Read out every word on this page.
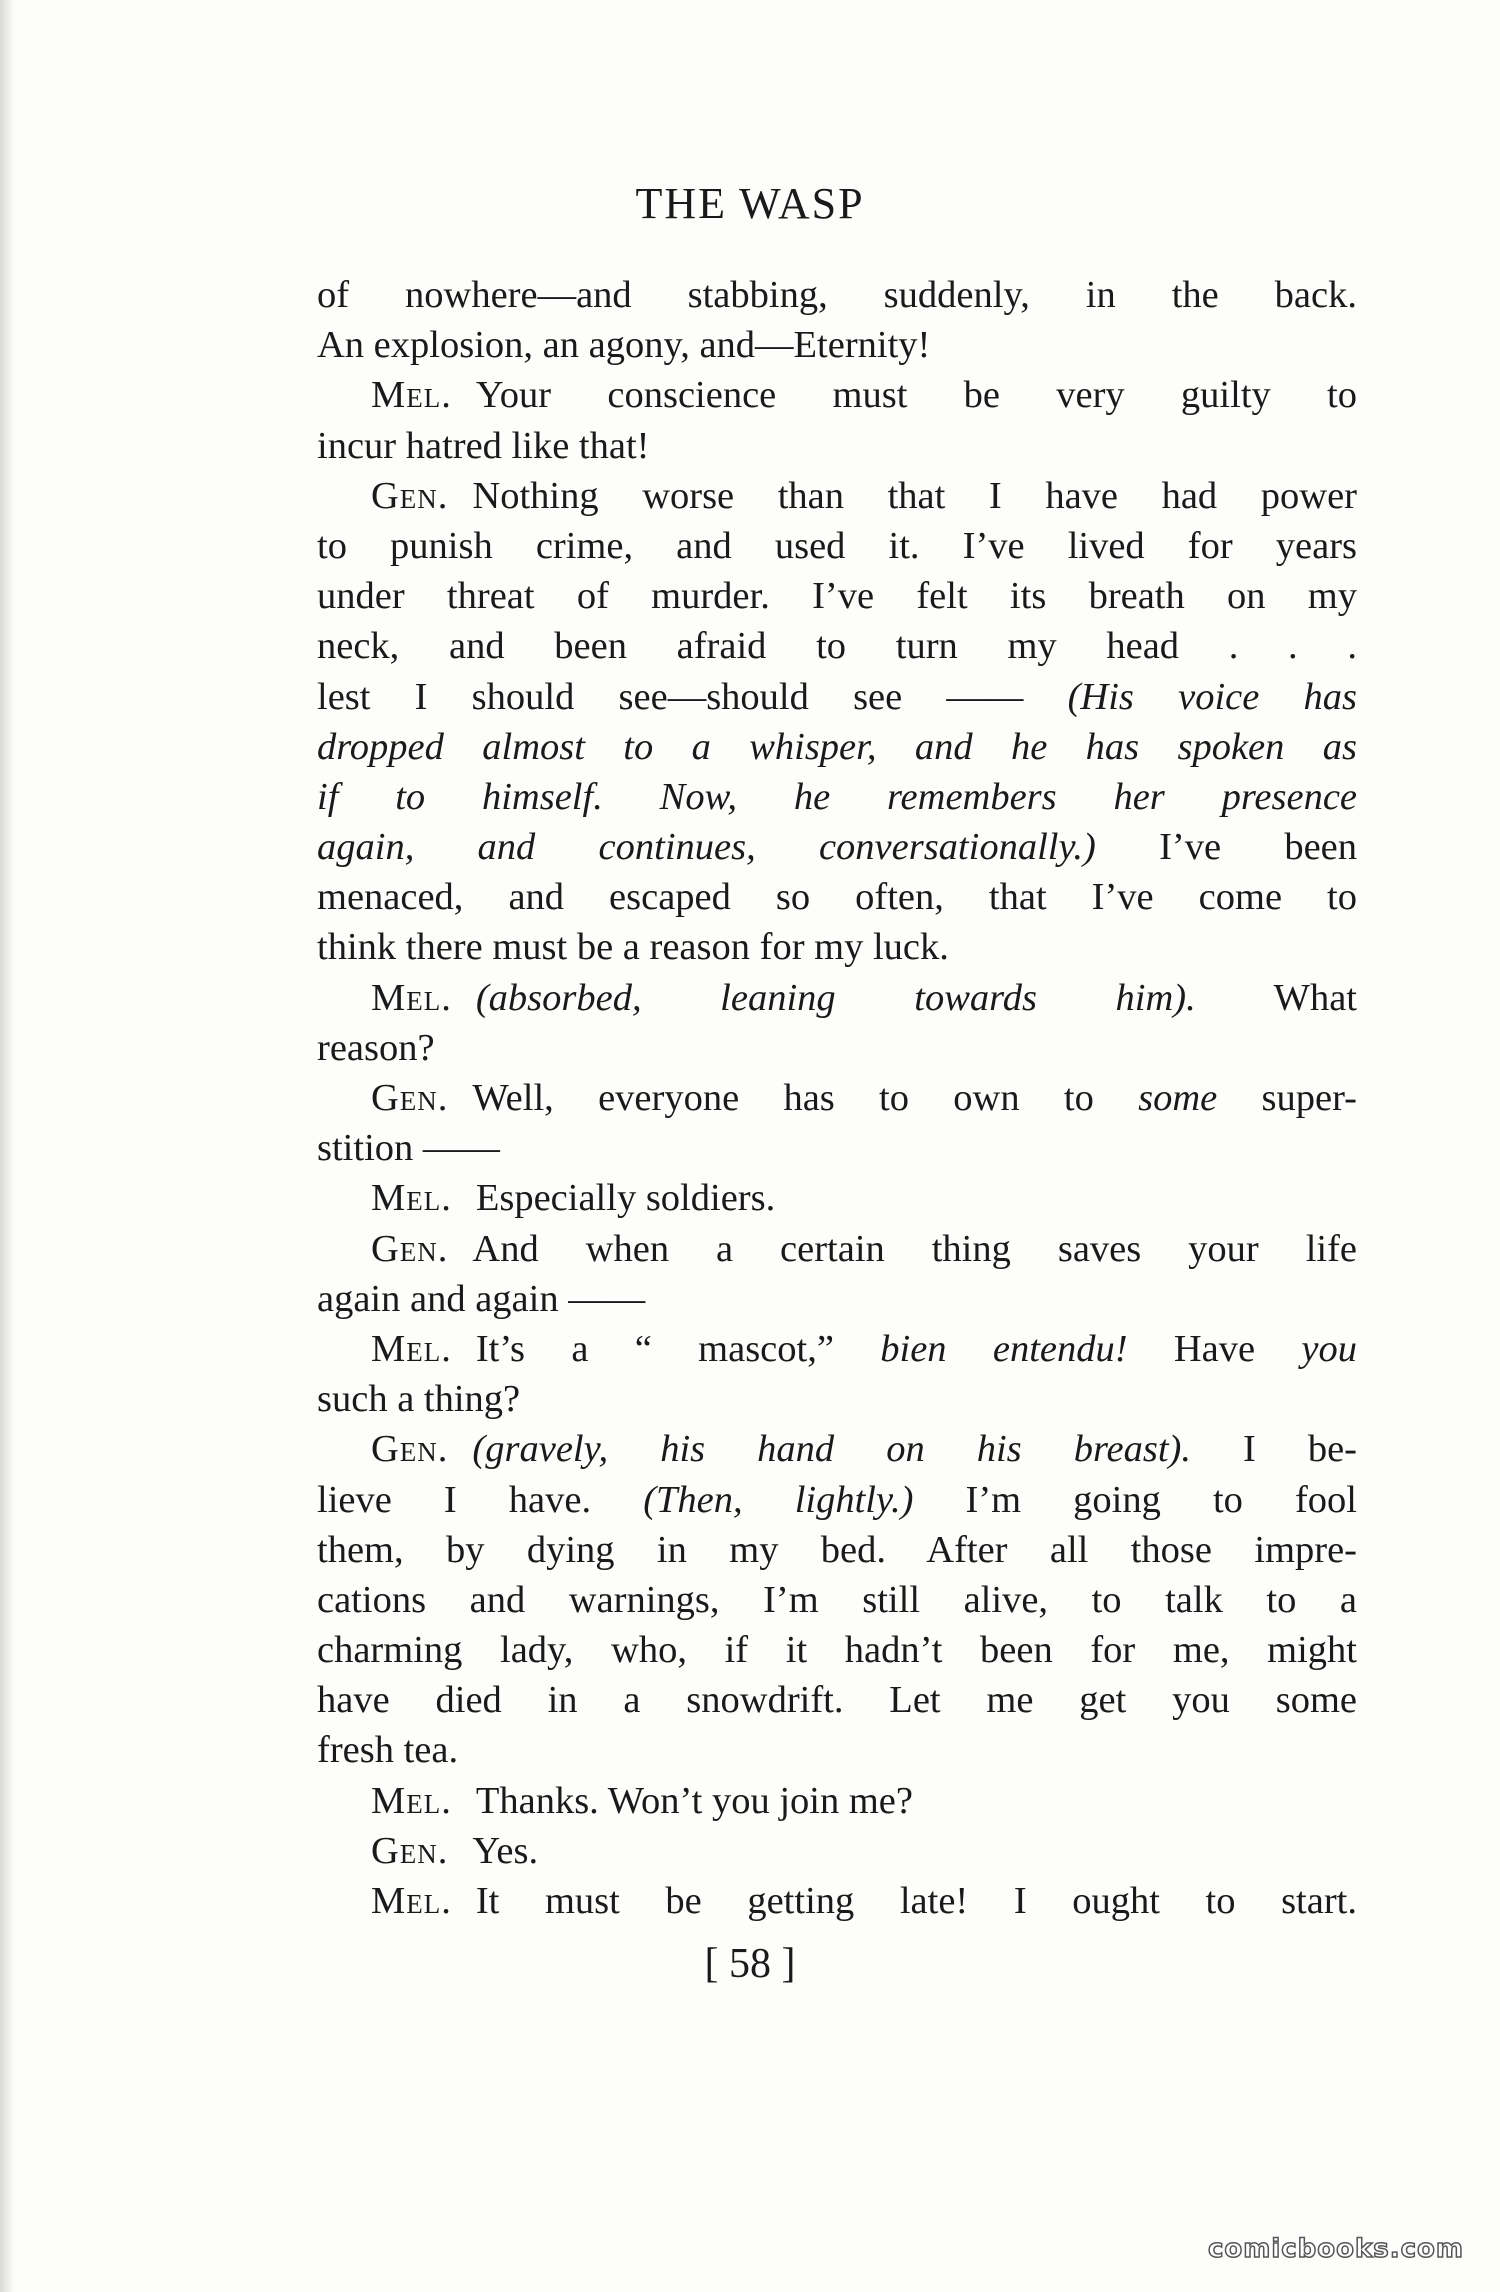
THE WASP
of nowhere—and stabbing, suddenly, in the back.
An explosion, an agony, and—Eternity!
Mel. Your conscience must be very guilty to
incur hatred like that!
Gen. Nothing worse than that I have had power
to punish crime, and used it. I’ve lived for years
under threat of murder. I’ve felt its breath on my
neck, and been afraid to turn my head . . .
lest I should see—should see —— (His voice has
dropped almost to a whisper, and he has spoken as
if to himself. Now, he remembers her presence
again, and continues, conversationally.) I’ve been
menaced, and escaped so often, that I’ve come to
think there must be a reason for my luck.
Mel. (absorbed, leaning towards him). What
reason?
Gen. Well, everyone has to own to some super-
stition ——
Mel. Especially soldiers.
Gen. And when a certain thing saves your life
again and again ——
Mel. It’s a “ mascot,” bien entendu! Have you
such a thing?
Gen. (gravely, his hand on his breast). I be-
lieve I have. (Then, lightly.) I’m going to fool
them, by dying in my bed. After all those impre-
cations and warnings, I’m still alive, to talk to a
charming lady, who, if it hadn’t been for me, might
have died in a snowdrift. Let me get you some
fresh tea.
Mel. Thanks. Won’t you join me?
Gen. Yes.
Mel. It must be getting late! I ought to start.
[ 58 ]
comicbooks.com
